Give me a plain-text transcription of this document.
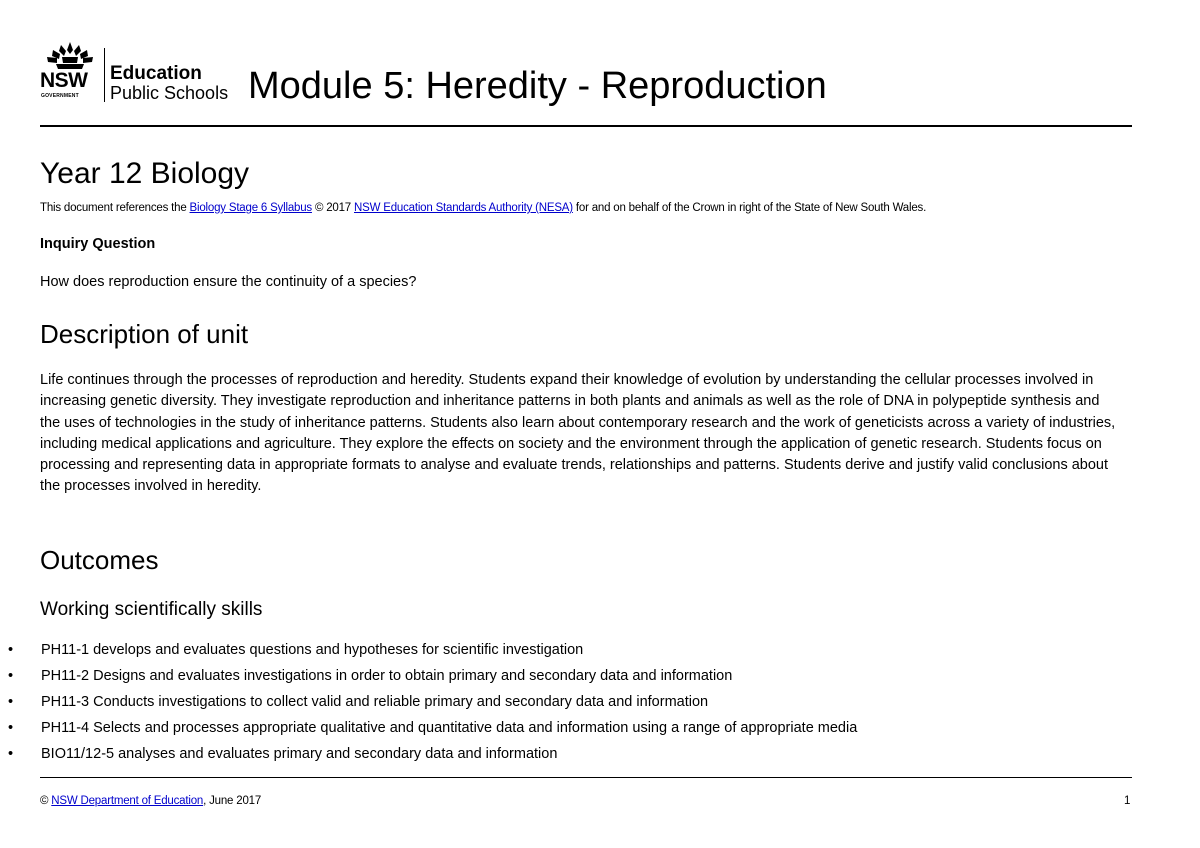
NSW
GOVERNMENT
Education
Public Schools Module 5: Heredity - Reproduction
Year 12 Biology
This document references the Biology Stage 6 Syllabus © 2017 NSW Education Standards Authority (NESA) for and on behalf of the Crown in right of the State of New South Wales.
Inquiry Question
How does reproduction ensure the continuity of a species?
Description of unit
Life continues through the processes of reproduction and heredity. Students expand their knowledge of evolution by understanding the cellular processes involved in increasing genetic diversity. They investigate reproduction and inheritance patterns in both plants and animals as well as the role of DNA in polypeptide synthesis and the uses of technologies in the study of inheritance patterns. Students also learn about contemporary research and the work of geneticists across a variety of industries, including medical applications and agriculture. They explore the effects on society and the environment through the application of genetic research. Students focus on processing and representing data in appropriate formats to analyse and evaluate trends, relationships and patterns. Students derive and justify valid conclusions about the processes involved in heredity.
Outcomes
Working scientifically skills
• PH11-1 develops and evaluates questions and hypotheses for scientific investigation
• PH11-2 Designs and evaluates investigations in order to obtain primary and secondary data and information
• PH11-3 Conducts investigations to collect valid and reliable primary and secondary data and information
• PH11-4 Selects and processes appropriate qualitative and quantitative data and information using a range of appropriate media
• BIO11/12-5 analyses and evaluates primary and secondary data and information
© NSW Department of Education, June 2017	1
